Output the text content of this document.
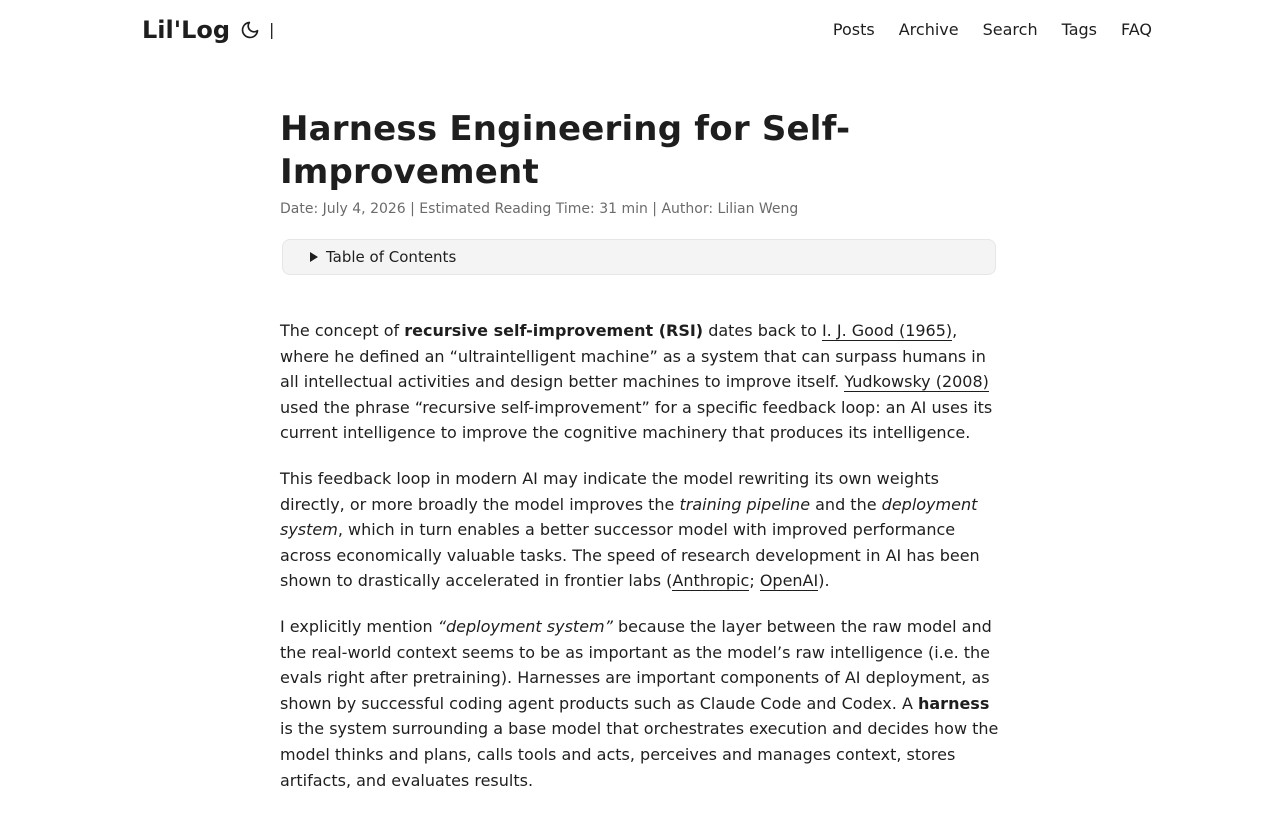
Lil'Log |	Posts Archive Search Tags FAQ
Harness Engineering for Self-Improvement
Date: July 4, 2026 | Estimated Reading Time: 31 min | Author: Lilian Weng
Table of Contents

The concept of recursive self-improvement (RSI) dates back to I. J. Good (1965), where he defined an “ultraintelligent machine” as a system that can surpass humans in all intellectual activities and design better machines to improve itself. Yudkowsky (2008) used the phrase “recursive self-improvement” for a specific feedback loop: an AI uses its current intelligence to improve the cognitive machinery that produces its intelligence.

This feedback loop in modern AI may indicate the model rewriting its own weights directly, or more broadly the model improves the training pipeline and the deployment system, which in turn enables a better successor model with improved performance across economically valuable tasks. The speed of research development in AI has been shown to drastically accelerated in frontier labs (Anthropic; OpenAI).

I explicitly mention “deployment system” because the layer between the raw model and the real-world context seems to be as important as the model’s raw intelligence (i.e. the evals right after pretraining). Harnesses are important components of AI deployment, as shown by successful coding agent products such as Claude Code and Codex. A harness is the system surrounding a base model that orchestrates execution and decides how the model thinks and plans, calls tools and acts, perceives and manages context, stores artifacts, and evaluates results.
